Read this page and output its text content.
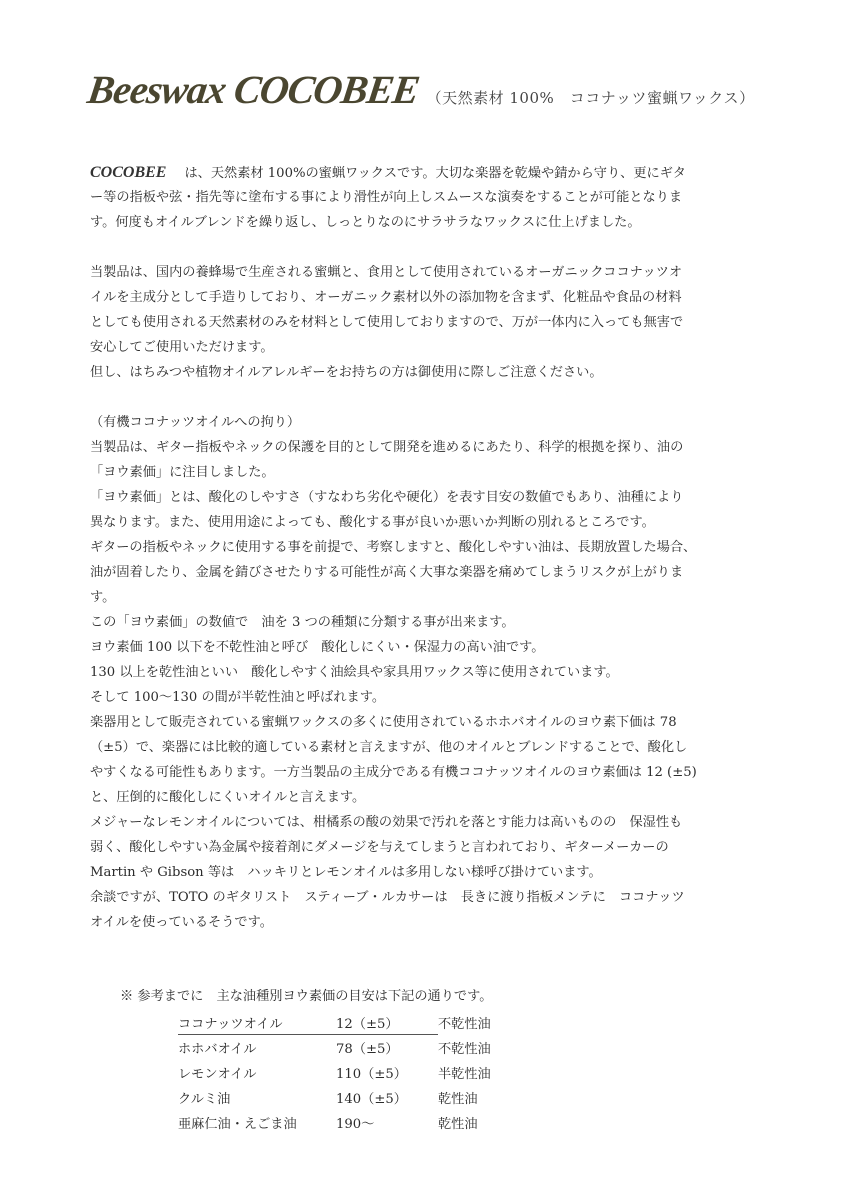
Beeswax COCOBEE （天然素材 100%　ココナッツ蜜蝋ワックス）
COCOBEE は、天然素材 100%の蜜蝋ワックスです。大切な楽器を乾燥や錆から守り、更にギタ
ー等の指板や弦・指先等に塗布する事により滑性が向上しスムースな演奏をすることが可能となりま
す。何度もオイルブレンドを繰り返し、しっとりなのにサラサラなワックスに仕上げました。
当製品は、国内の養蜂場で生産される蜜蝋と、食用として使用されているオーガニックココナッツオ
イルを主成分として手造りしており、オーガニック素材以外の添加物を含まず、化粧品や食品の材料
としても使用される天然素材のみを材料として使用しておりますので、万が一体内に入っても無害で
安心してご使用いただけます。
但し、はちみつや植物オイルアレルギーをお持ちの方は御使用に際しご注意ください。
（有機ココナッツオイルへの拘り）
当製品は、ギター指板やネックの保護を目的として開発を進めるにあたり、科学的根拠を探り、油の
「ヨウ素価」に注目しました。
「ヨウ素価」とは、酸化のしやすさ（すなわち劣化や硬化）を表す目安の数値でもあり、油種により
異なります。また、使用用途によっても、酸化する事が良いか悪いか判断の別れるところです。
ギターの指板やネックに使用する事を前提で、考察しますと、酸化しやすい油は、長期放置した場合、
油が固着したり、金属を錆びさせたりする可能性が高く大事な楽器を痛めてしまうリスクが上がりま
す。
この「ヨウ素価」の数値で　油を 3 つの種類に分類する事が出来ます。
ヨウ素価 100 以下を不乾性油と呼び　酸化しにくい・保湿力の高い油です。
130 以上を乾性油といい　酸化しやすく油絵具や家具用ワックス等に使用されています。
そして 100～130 の間が半乾性油と呼ばれます。
楽器用として販売されている蜜蝋ワックスの多くに使用されているホホバオイルのヨウ素下価は 78
（±5）で、楽器には比較的適している素材と言えますが、他のオイルとブレンドすることで、酸化し
やすくなる可能性もあります。一方当製品の主成分である有機ココナッツオイルのヨウ素価は 12 (±5)
と、圧倒的に酸化しにくいオイルと言えます。
メジャーなレモンオイルについては、柑橘系の酸の効果で汚れを落とす能力は高いものの　保湿性も
弱く、酸化しやすい為金属や接着剤にダメージを与えてしまうと言われており、ギターメーカーの
Martin や Gibson 等は　ハッキリとレモンオイルは多用しない様呼び掛けています。
余談ですが、TOTO のギタリスト　スティーブ・ルカサーは　長きに渡り指板メンテに　ココナッツ
オイルを使っているそうです。
※ 参考までに　主な油種別ヨウ素価の目安は下記の通りです。
ココナッツオイル	12（±5）	不乾性油
ホホバオイル	78（±5）	不乾性油
レモンオイル	110（±5）	半乾性油
クルミ油	140（±5）	乾性油
亜麻仁油・えごま油	190～	乾性油
